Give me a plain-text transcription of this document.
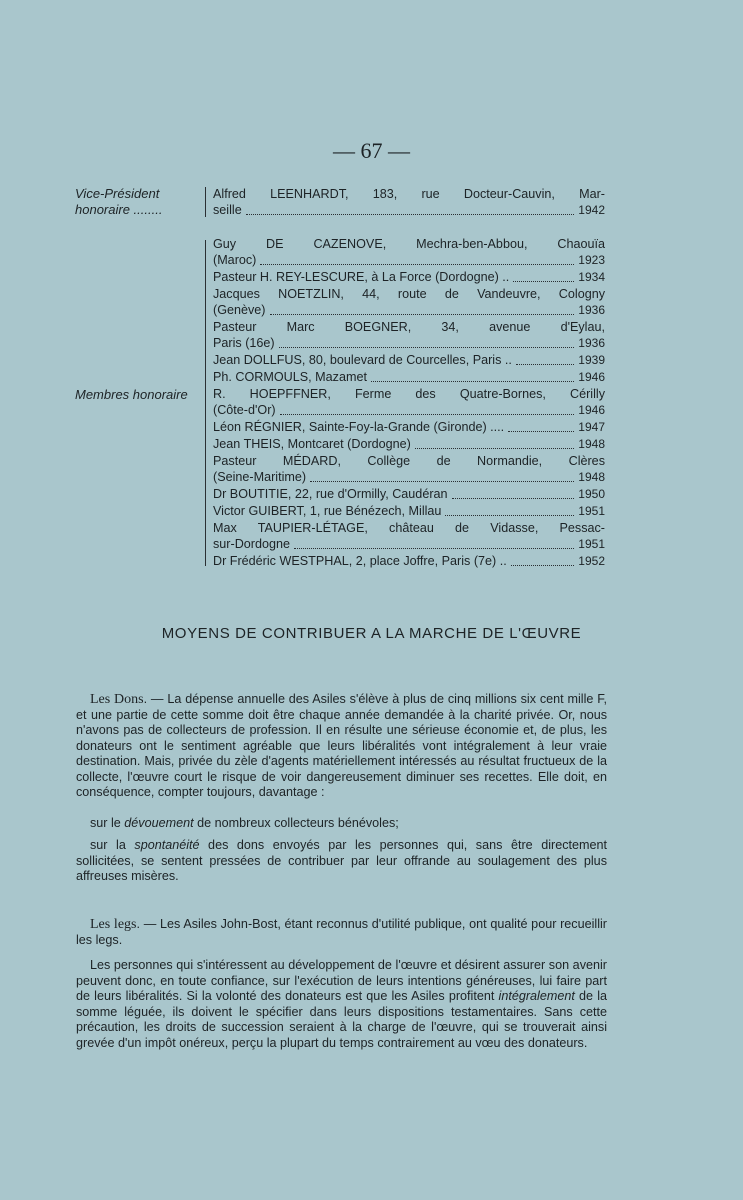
— 67 —
Vice-Président
honoraire ........
Alfred LEENHARDT, 183, rue Docteur-Cauvin, Mar-
seille	1942
Membres honoraire
Guy DE CAZENOVE, Mechra-ben-Abbou, Chaouïa
(Maroc)	1923
Pasteur H. REY-LESCURE, à La Force (Dordogne) ..	1934
Jacques NOETZLIN, 44, route de Vandeuvre, Cologny
(Genève)	1936
Pasteur Marc BOEGNER, 34, avenue d'Eylau,
Paris (16e)	1936
Jean DOLLFUS, 80, boulevard de Courcelles, Paris ..	1939
Ph. CORMOULS, Mazamet	1946
R. HOEPFFNER, Ferme des Quatre-Bornes, Cérilly
(Côte-d'Or)	1946
Léon RÉGNIER, Sainte-Foy-la-Grande (Gironde) ....	1947
Jean THEIS, Montcaret (Dordogne)	1948
Pasteur MÉDARD, Collège de Normandie, Clères
(Seine-Maritime)	1948
Dr BOUTITIE, 22, rue d'Ormilly, Caudéran	1950
Victor GUIBERT, 1, rue Bénézech, Millau	1951
Max TAUPIER-LÉTAGE, château de Vidasse, Pessac-
sur-Dordogne	1951
Dr Frédéric WESTPHAL, 2, place Joffre, Paris (7e) ..	1952
MOYENS DE CONTRIBUER A LA MARCHE DE L'ŒUVRE
Les Dons. — La dépense annuelle des Asiles s'élève à plus de cinq millions six cent mille F, et une partie de cette somme doit être chaque année demandée à la charité privée. Or, nous n'avons pas de collecteurs de profession. Il en résulte une sérieuse économie et, de plus, les donateurs ont le sentiment agréable que leurs libéralités vont intégralement à leur vraie destination. Mais, privée du zèle d'agents matériellement intéressés au résultat fructueux de la collecte, l'œuvre court le risque de voir dangereusement diminuer ses recettes. Elle doit, en conséquence, compter toujours, davantage :
sur le dévouement de nombreux collecteurs bénévoles;
sur la spontanéité des dons envoyés par les personnes qui, sans être directement sollicitées, se sentent pressées de contribuer par leur offrande au soulagement des plus affreuses misères.
Les legs. — Les Asiles John-Bost, étant reconnus d'utilité publique, ont qualité pour recueillir les legs.
Les personnes qui s'intéressent au développement de l'œuvre et désirent assurer son avenir peuvent donc, en toute confiance, sur l'exécution de leurs intentions généreuses, lui faire part de leurs libéralités. Si la volonté des donateurs est que les Asiles profitent intégralement de la somme léguée, ils doivent le spécifier dans leurs dispositions testamentaires. Sans cette précaution, les droits de succession seraient à la charge de l'œuvre, qui se trouverait ainsi grevée d'un impôt onéreux, perçu la plupart du temps contrairement au vœu des donateurs.
